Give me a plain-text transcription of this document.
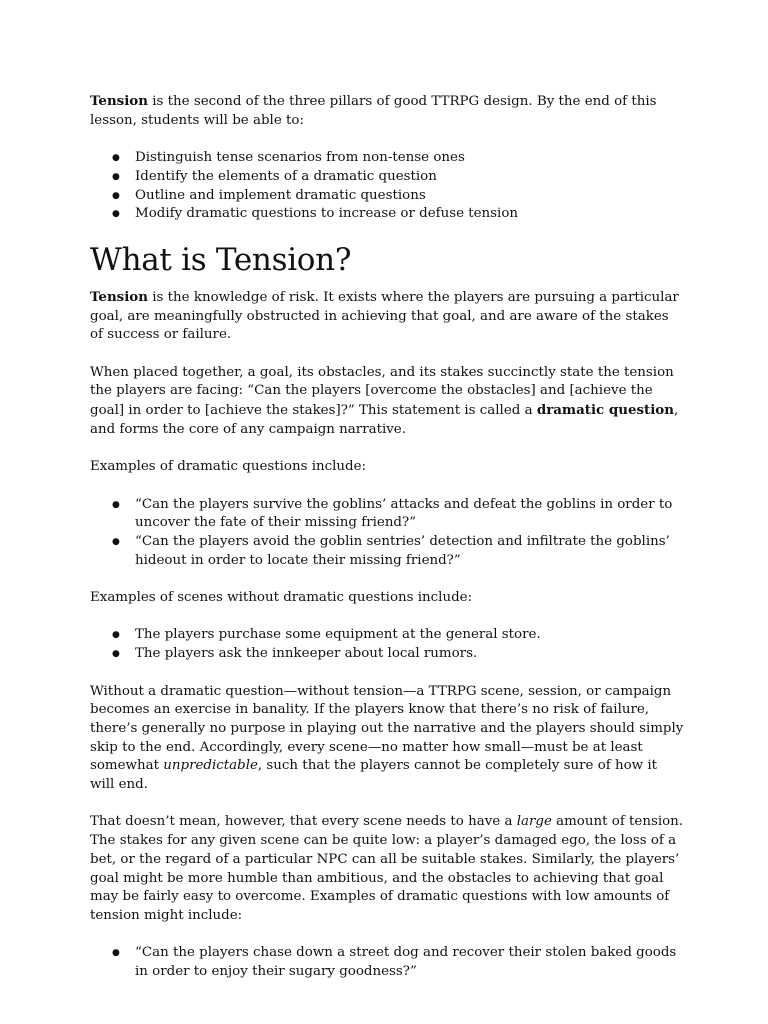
Tension is the second of the three pillars of good TTRPG design. By the end of this lesson, students will be able to:

● Distinguish tense scenarios from non-tense ones
● Identify the elements of a dramatic question
● Outline and implement dramatic questions
● Modify dramatic questions to increase or defuse tension
What is Tension?

Tension is the knowledge of risk. It exists where the players are pursuing a particular goal, are meaningfully obstructed in achieving that goal, and are aware of the stakes of success or failure.

When placed together, a goal, its obstacles, and its stakes succinctly state the tension the players are facing: “Can the players [overcome the obstacles] and [achieve the goal] in order to [achieve the stakes]?” This statement is called a dramatic question, and forms the core of any campaign narrative.

Examples of dramatic questions include:

● “Can the players survive the goblins’ attacks and defeat the goblins in order to uncover the fate of their missing friend?”
● “Can the players avoid the goblin sentries’ detection and infiltrate the goblins’ hideout in order to locate their missing friend?”

Examples of scenes without dramatic questions include:

● The players purchase some equipment at the general store.
● The players ask the innkeeper about local rumors.

Without a dramatic question—without tension—a TTRPG scene, session, or campaign becomes an exercise in banality. If the players know that there’s no risk of failure, there’s generally no purpose in playing out the narrative and the players should simply skip to the end. Accordingly, every scene—no matter how small—must be at least somewhat unpredictable, such that the players cannot be completely sure of how it will end.

That doesn’t mean, however, that every scene needs to have a large amount of tension. The stakes for any given scene can be quite low: a player’s damaged ego, the loss of a bet, or the regard of a particular NPC can all be suitable stakes. Similarly, the players’ goal might be more humble than ambitious, and the obstacles to achieving that goal may be fairly easy to overcome. Examples of dramatic questions with low amounts of tension might include:

● “Can the players chase down a street dog and recover their stolen baked goods in order to enjoy their sugary goodness?”
